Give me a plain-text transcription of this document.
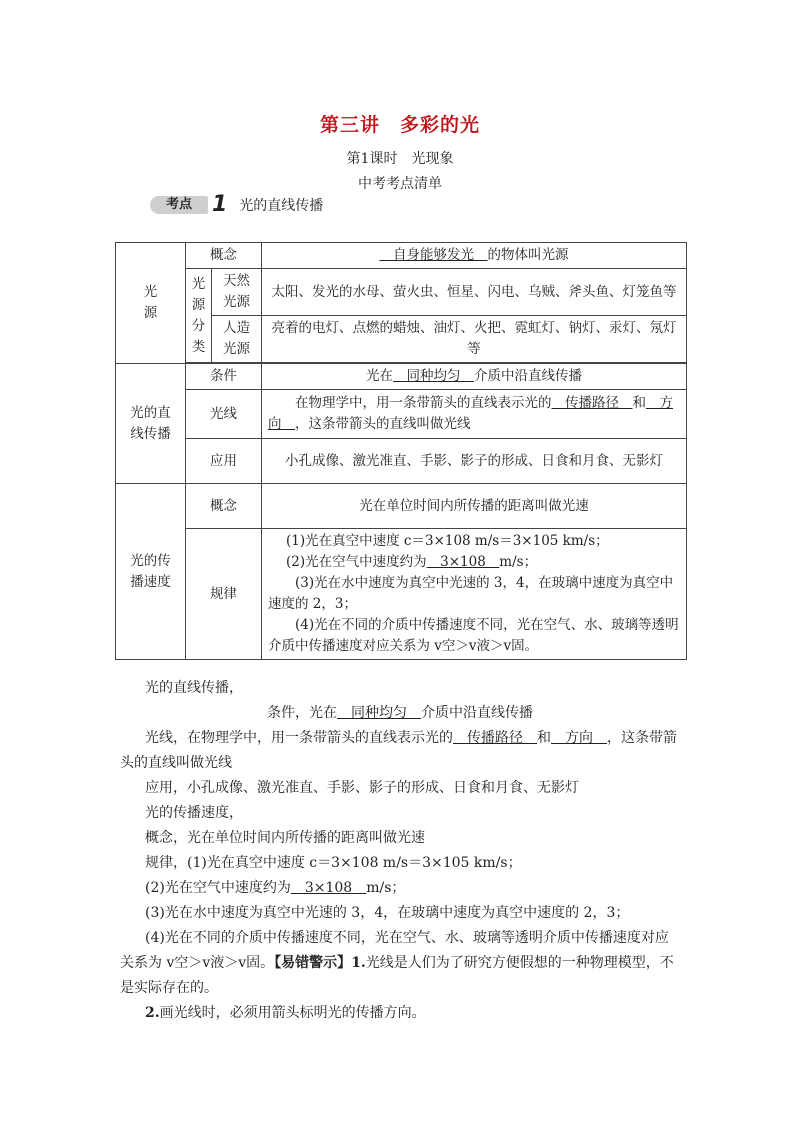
第三讲　多彩的光
第1课时　光现象
中考考点清单
考点 1 光的直线传播
光源	概念		　自身能够发光　的物体叫光源
	光源分类	天然光源	太阳、发光的水母、萤火虫、恒星、闪电、乌贼、斧头鱼、灯笼鱼等
		人造光源	亮着的电灯、点燃的蜡烛、油灯、火把、霓虹灯、钠灯、汞灯、氖灯等

光的直线传播	条件		光在　同种均匀　介质中沿直线传播
	光线		在物理学中，用一条带箭头的直线表示光的　传播路径　和　方向　，这条带箭头的直线叫做光线
	应用		小孔成像、激光准直、手影、影子的形成、日食和月食、无影灯
光的传播速度	概念		光在单位时间内所传播的距离叫做光速
	规律		(1)光在真空中速度 c＝3×108 m/s＝3×105 km/s；
(2)光在空气中速度约为　3×108　m/s；
(3)光在水中速度为真空中光速的 3，4，在玻璃中速度为真空中速度的 2，3；
(4)光在不同的介质中传播速度不同，光在空气、水、玻璃等透明介质中传播速度对应关系为 v空＞v液＞v固。
光的直线传播，
条件，光在　同种均匀　介质中沿直线传播
光线，在物理学中，用一条带箭头的直线表示光的　传播路径　和　方向　，这条带箭头的直线叫做光线
应用，小孔成像、激光准直、手影、影子的形成、日食和月食、无影灯
光的传播速度，
概念，光在单位时间内所传播的距离叫做光速
规律，(1)光在真空中速度 c＝3×108 m/s＝3×105 km/s；
(2)光在空气中速度约为　3×108　m/s；
(3)光在水中速度为真空中光速的 3，4，在玻璃中速度为真空中速度的 2，3；
(4)光在不同的介质中传播速度不同，光在空气、水、玻璃等透明介质中传播速度对应关系为 v空＞v液＞v固。【易错警示】1.光线是人们为了研究方便假想的一种物理模型，不是实际存在的。
2.画光线时，必须用箭头标明光的传播方向。
